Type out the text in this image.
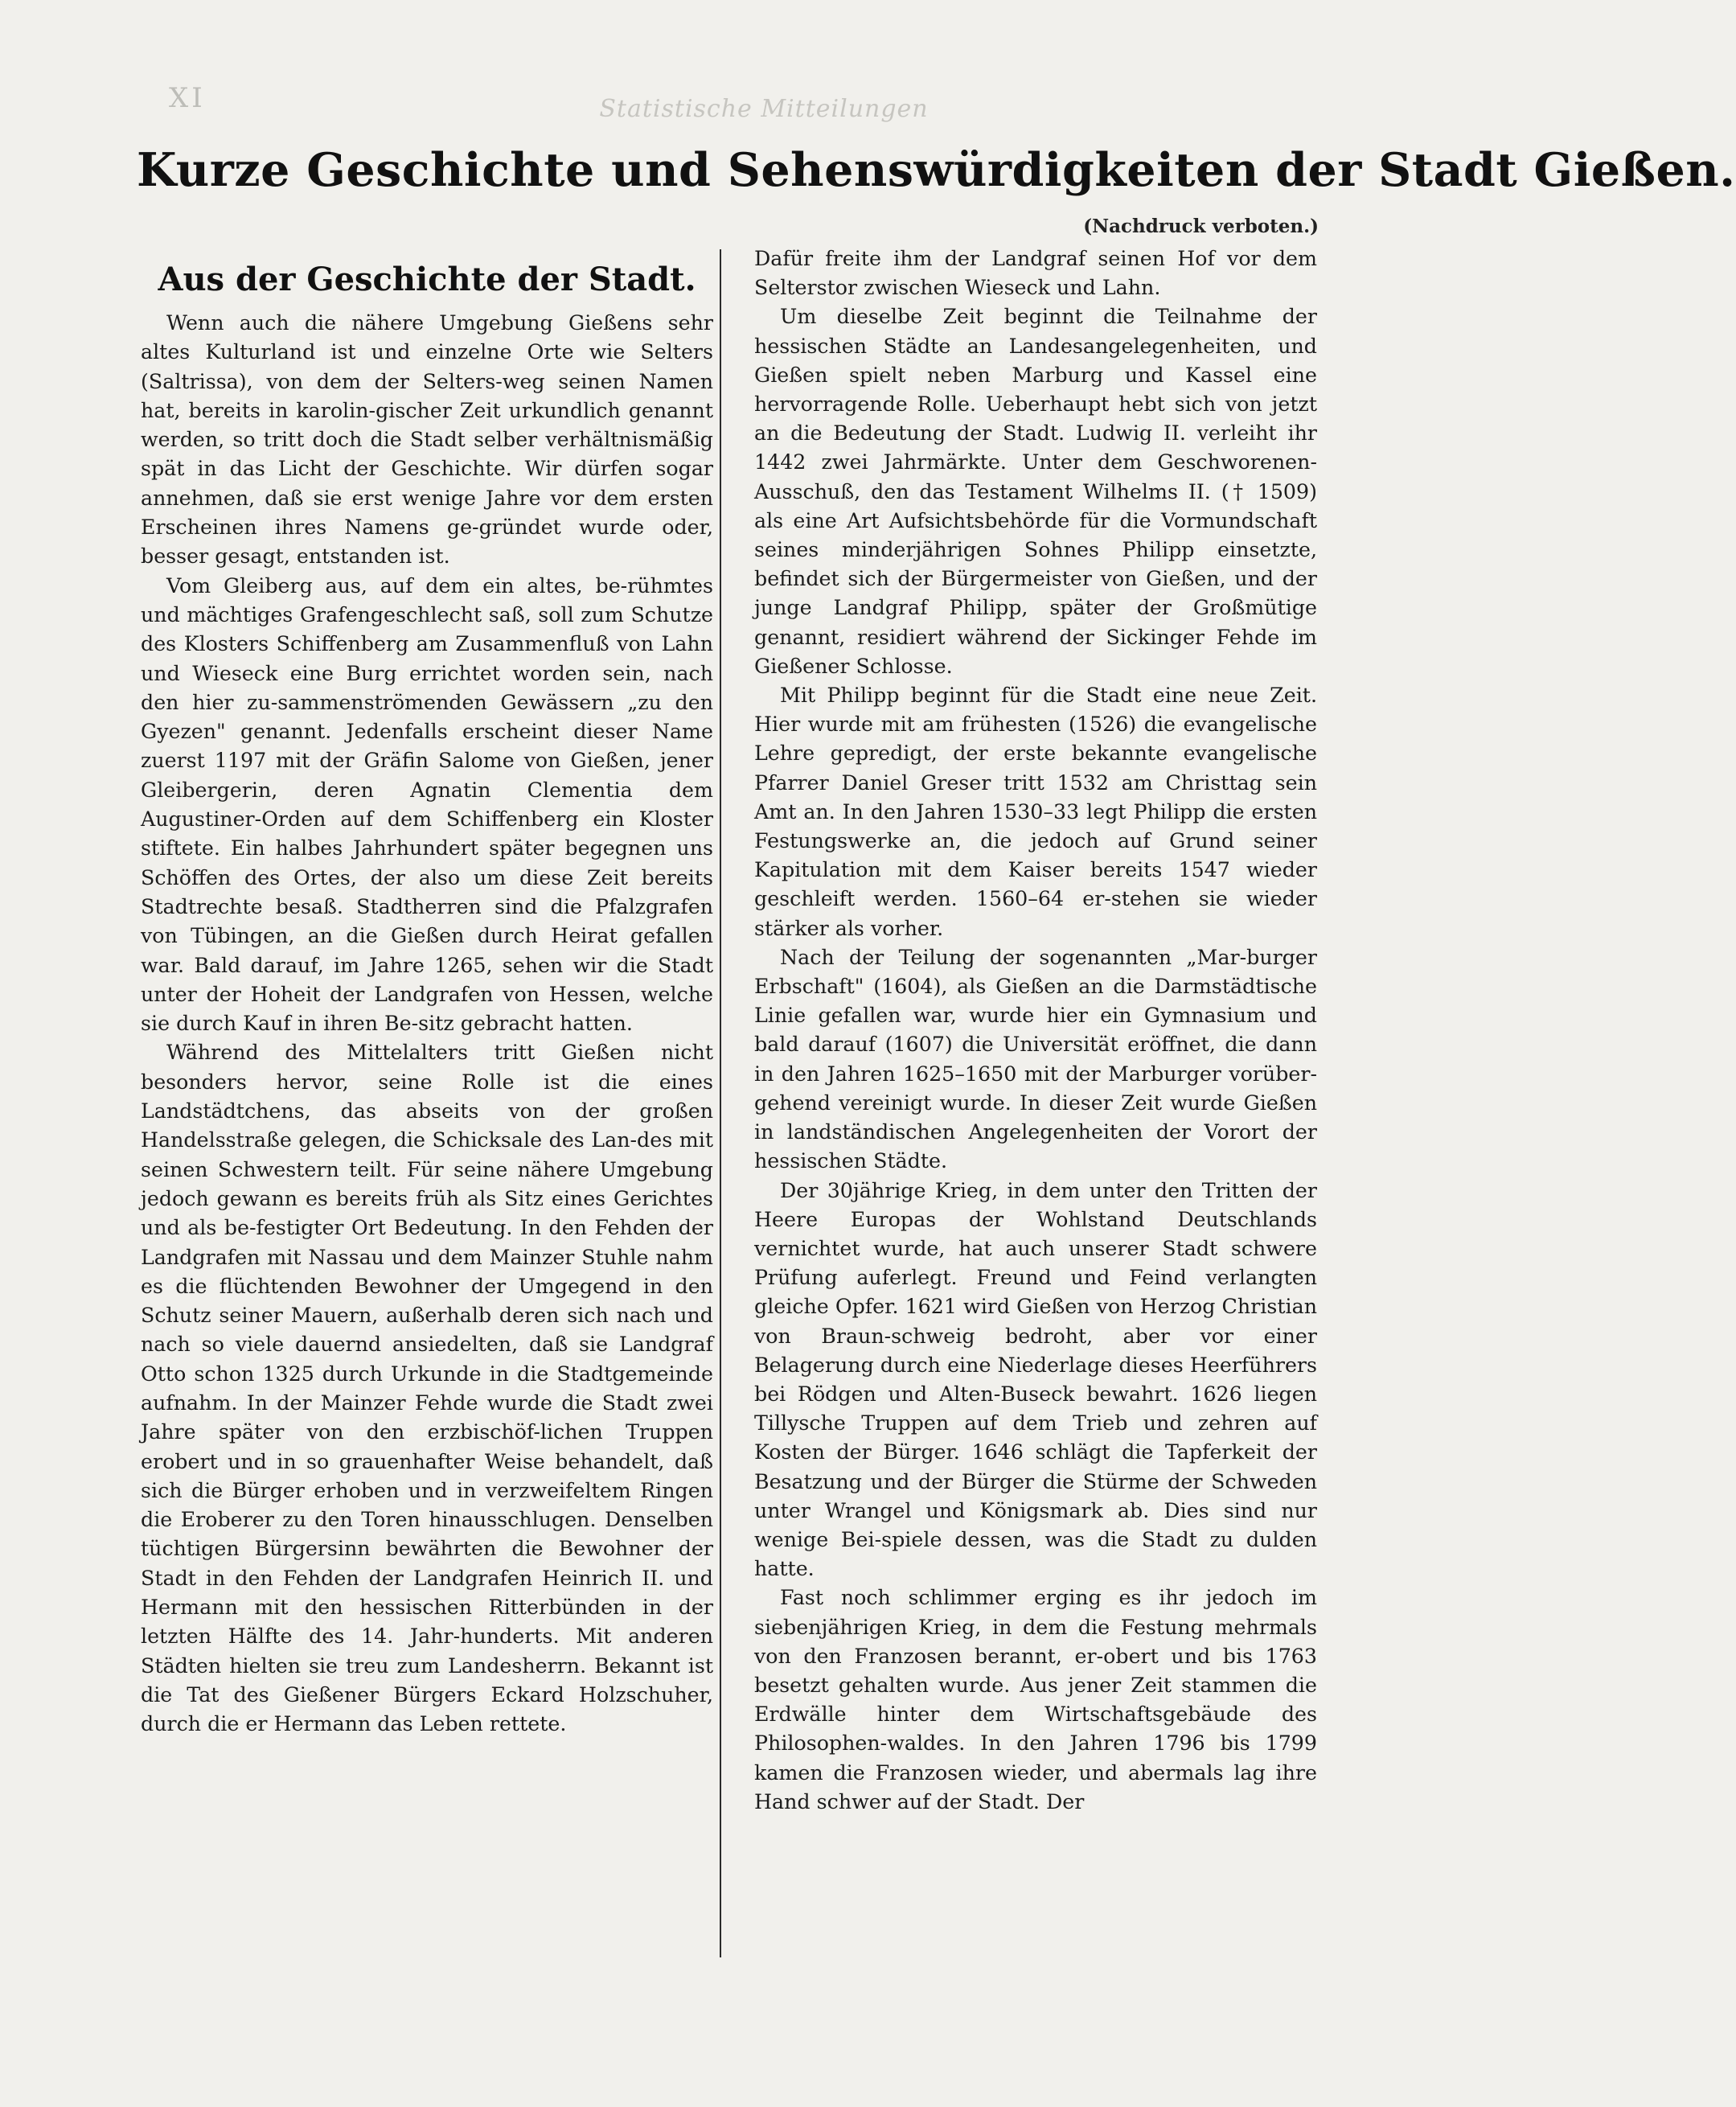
XI	Statistische Mitteilungen
Kurze Geschichte und Sehenswürdigkeiten der Stadt Gießen.
(Nachdruck verboten.)
Aus der Geschichte der Stadt.

Wenn auch die nähere Umgebung Gießens sehr altes Kulturland ist und einzelne Orte wie Selters (Saltrissa), von dem der Selters-weg seinen Namen hat, bereits in karolin-gischer Zeit urkundlich genannt werden, so tritt doch die Stadt selber verhältnismäßig spät in das Licht der Geschichte. Wir dürfen sogar annehmen, daß sie erst wenige Jahre vor dem ersten Erscheinen ihres Namens ge-gründet wurde oder, besser gesagt, entstanden ist.

Vom Gleiberg aus, auf dem ein altes, be-rühmtes und mächtiges Grafengeschlecht saß, soll zum Schutze des Klosters Schiffenberg am Zusammenfluß von Lahn und Wieseck eine Burg errichtet worden sein, nach den hier zu-sammenströmenden Gewässern „zu den Gyezen" genannt. Jedenfalls erscheint dieser Name zuerst 1197 mit der Gräfin Salome von Gießen, jener Gleibergerin, deren Agnatin Clementia dem Augustiner-Orden auf dem Schiffenberg ein Kloster stiftete. Ein halbes Jahrhundert später begegnen uns Schöffen des Ortes, der also um diese Zeit bereits Stadtrechte besaß. Stadtherren sind die Pfalzgrafen von Tübingen, an die Gießen durch Heirat gefallen war. Bald darauf, im Jahre 1265, sehen wir die Stadt unter der Hoheit der Landgrafen von Hessen, welche sie durch Kauf in ihren Be-sitz gebracht hatten.

Während des Mittelalters tritt Gießen nicht besonders hervor, seine Rolle ist die eines Landstädtchens, das abseits von der großen Handelsstraße gelegen, die Schicksale des Lan-des mit seinen Schwestern teilt. Für seine nähere Umgebung jedoch gewann es bereits früh als Sitz eines Gerichtes und als be-festigter Ort Bedeutung. In den Fehden der Landgrafen mit Nassau und dem Mainzer Stuhle nahm es die flüchtenden Bewohner der Umgegend in den Schutz seiner Mauern, außerhalb deren sich nach und nach so viele dauernd ansiedelten, daß sie Landgraf Otto schon 1325 durch Urkunde in die Stadtgemeinde aufnahm. In der Mainzer Fehde wurde die Stadt zwei Jahre später von den erzbischöf-lichen Truppen erobert und in so grauenhafter Weise behandelt, daß sich die Bürger erhoben und in verzweifeltem Ringen die Eroberer zu den Toren hinausschlugen. Denselben tüchtigen Bürgersinn bewährten die Bewohner der Stadt in den Fehden der Landgrafen Heinrich II. und Hermann mit den hessischen Ritterbünden in der letzten Hälfte des 14. Jahr-hunderts. Mit anderen Städten hielten sie treu zum Landesherrn. Bekannt ist die Tat des Gießener Bürgers Eckard Holzschuher, durch die er Hermann das Leben rettete.

Dafür freite ihm der Landgraf seinen Hof vor dem Selterstor zwischen Wieseck und Lahn.

Um dieselbe Zeit beginnt die Teilnahme der hessischen Städte an Landesangelegenheiten, und Gießen spielt neben Marburg und Kassel eine hervorragende Rolle. Ueberhaupt hebt sich von jetzt an die Bedeutung der Stadt. Ludwig II. verleiht ihr 1442 zwei Jahrmärkte. Unter dem Geschworenen-Ausschuß, den das Testament Wilhelms II. († 1509) als eine Art Aufsichtsbehörde für die Vormundschaft seines minderjährigen Sohnes Philipp einsetzte, befindet sich der Bürgermeister von Gießen, und der junge Landgraf Philipp, später der Großmütige genannt, residiert während der Sickinger Fehde im Gießener Schlosse.

Mit Philipp beginnt für die Stadt eine neue Zeit. Hier wurde mit am frühesten (1526) die evangelische Lehre gepredigt, der erste bekannte evangelische Pfarrer Daniel Greser tritt 1532 am Christtag sein Amt an. In den Jahren 1530–33 legt Philipp die ersten Festungswerke an, die jedoch auf Grund seiner Kapitulation mit dem Kaiser bereits 1547 wieder geschleift werden. 1560–64 er-stehen sie wieder stärker als vorher.

Nach der Teilung der sogenannten „Mar-burger Erbschaft" (1604), als Gießen an die Darmstädtische Linie gefallen war, wurde hier ein Gymnasium und bald darauf (1607) die Universität eröffnet, die dann in den Jahren 1625–1650 mit der Marburger vorüber-gehend vereinigt wurde. In dieser Zeit wurde Gießen in landständischen Angelegenheiten der Vorort der hessischen Städte.

Der 30jährige Krieg, in dem unter den Tritten der Heere Europas der Wohlstand Deutschlands vernichtet wurde, hat auch unserer Stadt schwere Prüfung auferlegt. Freund und Feind verlangten gleiche Opfer. 1621 wird Gießen von Herzog Christian von Braun-schweig bedroht, aber vor einer Belagerung durch eine Niederlage dieses Heerführers bei Rödgen und Alten-Buseck bewahrt. 1626 liegen Tillysche Truppen auf dem Trieb und zehren auf Kosten der Bürger. 1646 schlägt die Tapferkeit der Besatzung und der Bürger die Stürme der Schweden unter Wrangel und Königsmark ab. Dies sind nur wenige Bei-spiele dessen, was die Stadt zu dulden hatte.

Fast noch schlimmer erging es ihr jedoch im siebenjährigen Krieg, in dem die Festung mehrmals von den Franzosen berannt, er-obert und bis 1763 besetzt gehalten wurde. Aus jener Zeit stammen die Erdwälle hinter dem Wirtschaftsgebäude des Philosophen-waldes. In den Jahren 1796 bis 1799 kamen die Franzosen wieder, und abermals lag ihre Hand schwer auf der Stadt. Der
